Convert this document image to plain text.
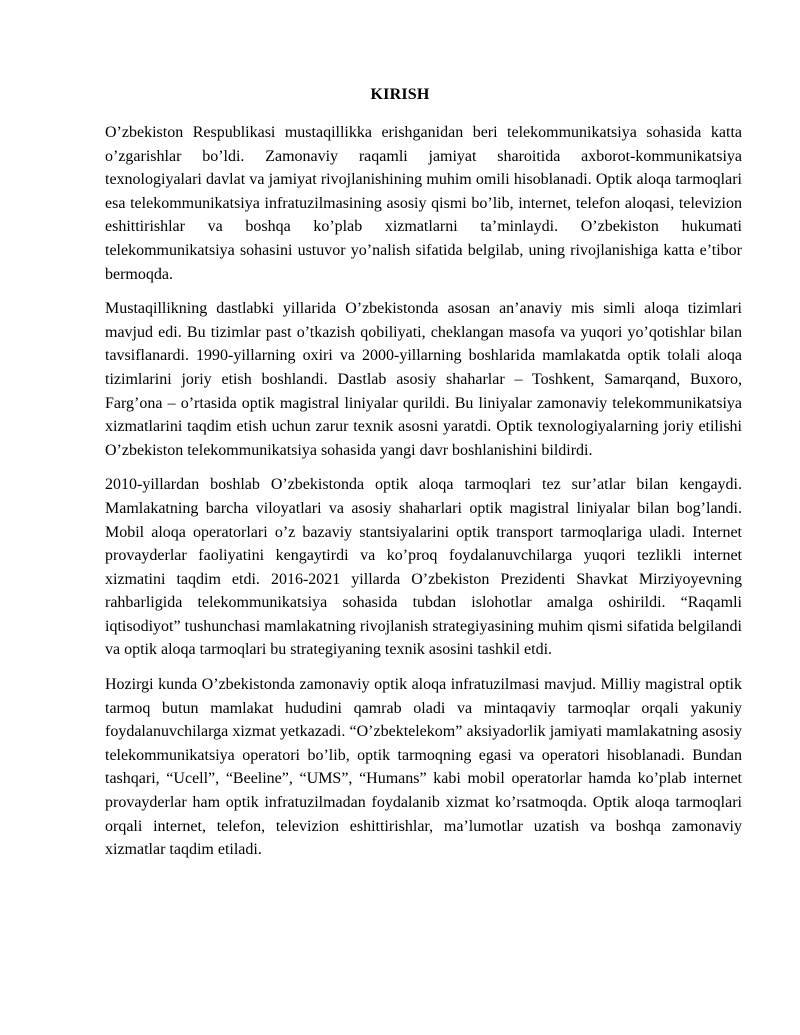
KIRISH

O’zbekiston Respublikasi mustaqillikka erishganidan beri telekommunikatsiya sohasida katta o’zgarishlar bo’ldi. Zamonaviy raqamli jamiyat sharoitida axborot-kommunikatsiya texnologiyalari davlat va jamiyat rivojlanishining muhim omili hisoblanadi. Optik aloqa tarmoqlari esa telekommunikatsiya infratuzilmasining asosiy qismi bo’lib, internet, telefon aloqasi, televizion eshittirishlar va boshqa ko’plab xizmatlarni ta’minlaydi. O’zbekiston hukumati telekommunikatsiya sohasini ustuvor yo’nalish sifatida belgilab, uning rivojlanishiga katta e’tibor bermoqda.

Mustaqillikning dastlabki yillarida O’zbekistonda asosan an’anaviy mis simli aloqa tizimlari mavjud edi. Bu tizimlar past o’tkazish qobiliyati, cheklangan masofa va yuqori yo’qotishlar bilan tavsiflanardi. 1990-yillarning oxiri va 2000-yillarning boshlarida mamlakatda optik tolali aloqa tizimlarini joriy etish boshlandi. Dastlab asosiy shaharlar – Toshkent, Samarqand, Buxoro, Farg’ona – o’rtasida optik magistral liniyalar qurildi. Bu liniyalar zamonaviy telekommunikatsiya xizmatlarini taqdim etish uchun zarur texnik asosni yaratdi. Optik texnologiyalarning joriy etilishi O’zbekiston telekommunikatsiya sohasida yangi davr boshlanishini bildirdi.

2010-yillardan boshlab O’zbekistonda optik aloqa tarmoqlari tez sur’atlar bilan kengaydi. Mamlakatning barcha viloyatlari va asosiy shaharlari optik magistral liniyalar bilan bog’landi. Mobil aloqa operatorlari o’z bazaviy stantsiyalarini optik transport tarmoqlariga uladi. Internet provayderlar faoliyatini kengaytirdi va ko’proq foydalanuvchilarga yuqori tezlikli internet xizmatini taqdim etdi. 2016-2021 yillarda O’zbekiston Prezidenti Shavkat Mirziyoyevning rahbarligida telekommunikatsiya sohasida tubdan islohotlar amalga oshirildi. “Raqamli iqtisodiyot” tushunchasi mamlakatning rivojlanish strategiyasining muhim qismi sifatida belgilandi va optik aloqa tarmoqlari bu strategiyaning texnik asosini tashkil etdi.

Hozirgi kunda O’zbekistonda zamonaviy optik aloqa infratuzilmasi mavjud. Milliy magistral optik tarmoq butun mamlakat hududini qamrab oladi va mintaqaviy tarmoqlar orqali yakuniy foydalanuvchilarga xizmat yetkazadi. “O’zbektelekom” aksiyadorlik jamiyati mamlakatning asosiy telekommunikatsiya operatori bo’lib, optik tarmoqning egasi va operatori hisoblanadi. Bundan tashqari, “Ucell”, “Beeline”, “UMS”, “Humans” kabi mobil operatorlar hamda ko’plab internet provayderlar ham optik infratuzilmadan foydalanib xizmat ko’rsatmoqda. Optik aloqa tarmoqlari orqali internet, telefon, televizion eshittirishlar, ma’lumotlar uzatish va boshqa zamonaviy xizmatlar taqdim etiladi.
